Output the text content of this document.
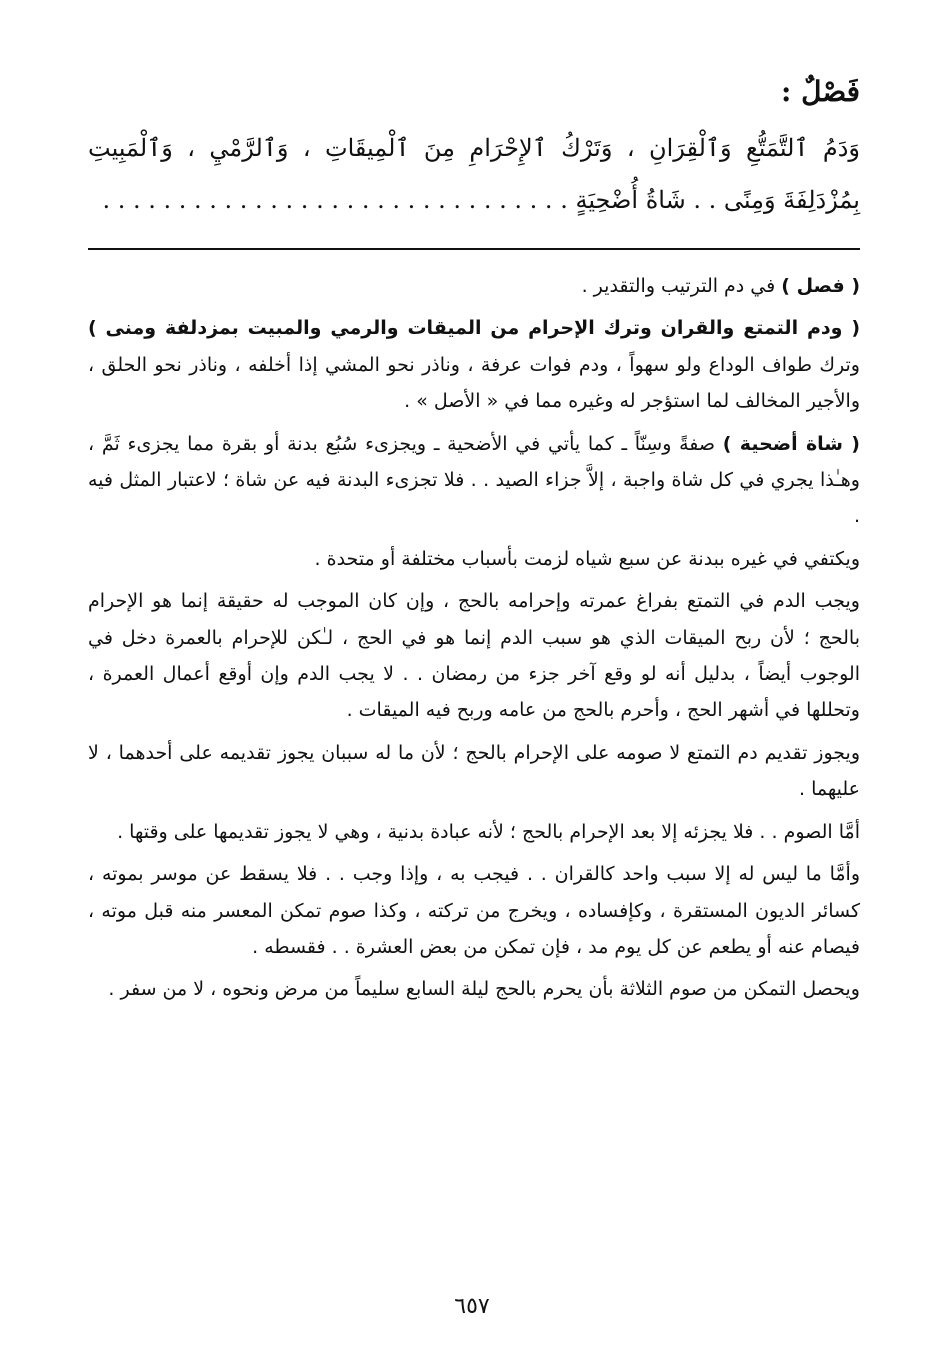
فَصْلٌ :

وَدَمُ ٱلتَّمَتُّعِ وَٱلْقِرَانِ ، وَتَرْكُ ٱلإِحْرَامِ مِنَ ٱلْمِيقَاتِ ، وَٱلرَّمْيِ ، وَٱلْمَبِيتِ بِمُزْدَلِفَةَ وَمِنًى . . شَاةُ أُضْحِيَةٍ . . . . . . . . . . . . . . . . . . . . . . . . . . . . . . .

( فصل ) في دم الترتيب والتقدير .

( ودم التمتع والقران وترك الإحرام من الميقات والرمي والمبيت بمزدلفة ومنى ) وترك طواف الوداع ولو سهواً ، ودم فوات عرفة ، وناذر نحو المشي إذا أخلفه ، وناذر نحو الحلق ، والأجير المخالف لما استؤجر له وغيره مما في « الأصل » .

( شاة أضحية ) صفةً وسِنّاً ـ كما يأتي في الأضحية ـ ويجزىء سُبُع بدنة أو بقرة مما يجزىء ثَمَّ ، وهـٰذا يجري في كل شاة واجبة ، إلاَّ جزاء الصيد . . فلا تجزىء البدنة فيه عن شاة ؛ لاعتبار المثل فيه .

ويكتفي في غيره ببدنة عن سبع شياه لزمت بأسباب مختلفة أو متحدة .

ويجب الدم في التمتع بفراغ عمرته وإحرامه بالحج ، وإن كان الموجب له حقيقة إنما هو الإحرام بالحج ؛ لأن ربح الميقات الذي هو سبب الدم إنما هو في الحج ، لـٰكن للإحرام بالعمرة دخل في الوجوب أيضاً ، بدليل أنه لو وقع آخر جزء من رمضان . . لا يجب الدم وإن أوقع أعمال العمرة ، وتحللها في أشهر الحج ، وأحرم بالحج من عامه وربح فيه الميقات .

ويجوز تقديم دم التمتع لا صومه على الإحرام بالحج ؛ لأن ما له سببان يجوز تقديمه على أحدهما ، لا عليهما .

أمَّا الصوم . . فلا يجزئه إلا بعد الإحرام بالحج ؛ لأنه عبادة بدنية ، وهي لا يجوز تقديمها على وقتها .

وأمَّا ما ليس له إلا سبب واحد كالقران . . فيجب به ، وإذا وجب . . فلا يسقط عن موسر بموته ، كسائر الديون المستقرة ، وكإفساده ، ويخرج من تركته ، وكذا صوم تمكن المعسر منه قبل موته ، فيصام عنه أو يطعم عن كل يوم مد ، فإن تمكن من بعض العشرة . . فقسطه .

ويحصل التمكن من صوم الثلاثة بأن يحرم بالحج ليلة السابع سليماً من مرض ونحوه ، لا من سفر .

٦٥٧
